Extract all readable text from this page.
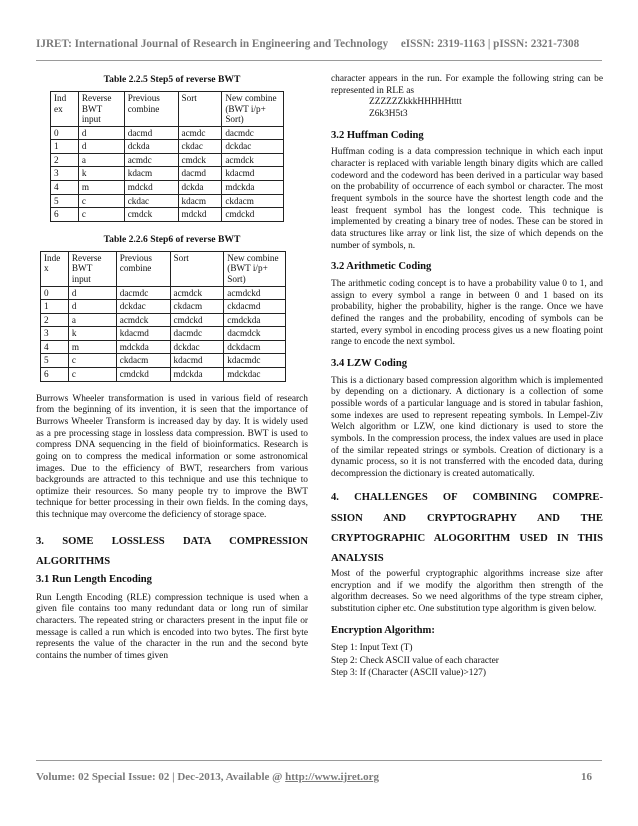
IJRET: International Journal of Research in Engineering and Technology eISSN: 2319-1163 | pISSN: 2321-7308
Table 2.2.5 Step5 of reverse BWT
Ind ex	Reverse BWT input	Previous combine	Sort	New combine (BWT i/p+ Sort)
0	d	dacmd	acmdc	dacmdc
1	d	dckda	ckdac	dckdac
2	a	acmdc	cmdck	acmdck
3	k	kdacm	dacmd	kdacmd
4	m	mdckd	dckda	mdckda
5	c	ckdac	kdacm	ckdacm
6	c	cmdck	mdckd	cmdckd
Table 2.2.6 Step6 of reverse BWT
Inde x	Reverse BWT input	Previous combine	Sort	New combine (BWT i/p+ Sort)
0	d	dacmdc	acmdck	acmdckd
1	d	dckdac	ckdacm	ckdacmd
2	a	acmdck	cmdckd	cmdckda
3	k	kdacmd	dacmdc	dacmdck
4	m	mdckda	dckdac	dckdacm
5	c	ckdacm	kdacmd	kdacmdc
6	c	cmdckd	mdckda	mdckdac

Burrows Wheeler transformation is used in various field of research from the beginning of its invention, it is seen that the importance of Burrows Wheeler Transform is increased day by day. It is widely used as a pre processing stage in lossless data compression. BWT is used to compress DNA sequencing in the field of bioinformatics. Research is going on to compress the medical information or some astronomical images. Due to the efficiency of BWT, researchers from various backgrounds are attracted to this technique and use this technique to optimize their resources. So many people try to improve the BWT technique for better processing in their own fields. In the coming days, this technique may overcome the deficiency of storage space.

3. SOME LOSSLESS DATA COMPRESSION
ALGORITHMS
3.1 Run Length Encoding

Run Length Encoding (RLE) compression technique is used when a given file contains too many redundant data or long run of similar characters. The repeated string or characters present in the input file or message is called a run which is encoded into two bytes. The first byte represents the value of the character in the run and the second byte contains the number of times given

character appears in the run. For example the following string can be represented in RLE as

ZZZZZZkkkHHHHHtttt
Z6k3H5t3
3.2 Huffman Coding

Huffman coding is a data compression technique in which each input character is replaced with variable length binary digits which are called codeword and the codeword has been derived in a particular way based on the probability of occurrence of each symbol or character. The most frequent symbols in the source have the shortest length code and the least frequent symbol has the longest code. This technique is implemented by creating a binary tree of nodes. These can be stored in data structures like array or link list, the size of which depends on the number of symbols, n.

3.2 Arithmetic Coding

The arithmetic coding concept is to have a probability value 0 to 1, and assign to every symbol a range in between 0 and 1 based on its probability, higher the probability, higher is the range. Once we have defined the ranges and the probability, encoding of symbols can be started, every symbol in encoding process gives us a new floating point range to encode the next symbol.

3.4 LZW Coding

This is a dictionary based compression algorithm which is implemented by depending on a dictionary. A dictionary is a collection of some possible words of a particular language and is stored in tabular fashion, some indexes are used to represent repeating symbols. In Lempel-Ziv Welch algorithm or LZW, one kind dictionary is used to store the symbols. In the compression process, the index values are used in place of the similar repeated strings or symbols. Creation of dictionary is a dynamic process, so it is not transferred with the encoded data, during decompression the dictionary is created automatically.

4. CHALLENGES OF COMBINING COMPRE-
SSION AND CRYPTOGRAPHY AND THE
CRYPTOGRAPHIC ALOGORITHM USED IN THIS
ANALYSIS

Most of the powerful cryptographic algorithms increase size after encryption and if we modify the algorithm then strength of the algorithm decreases. So we need algorithms of the type stream cipher, substitution cipher etc. One substitution type algorithm is given below.

Encryption Algorithm:
Step 1: Input Text (T)
Step 2: Check ASCII value of each character
Step 3: If (Character (ASCII value)>127)
Volume: 02 Special Issue: 02 | Dec-2013, Available @ http://www.ijret.org	16
